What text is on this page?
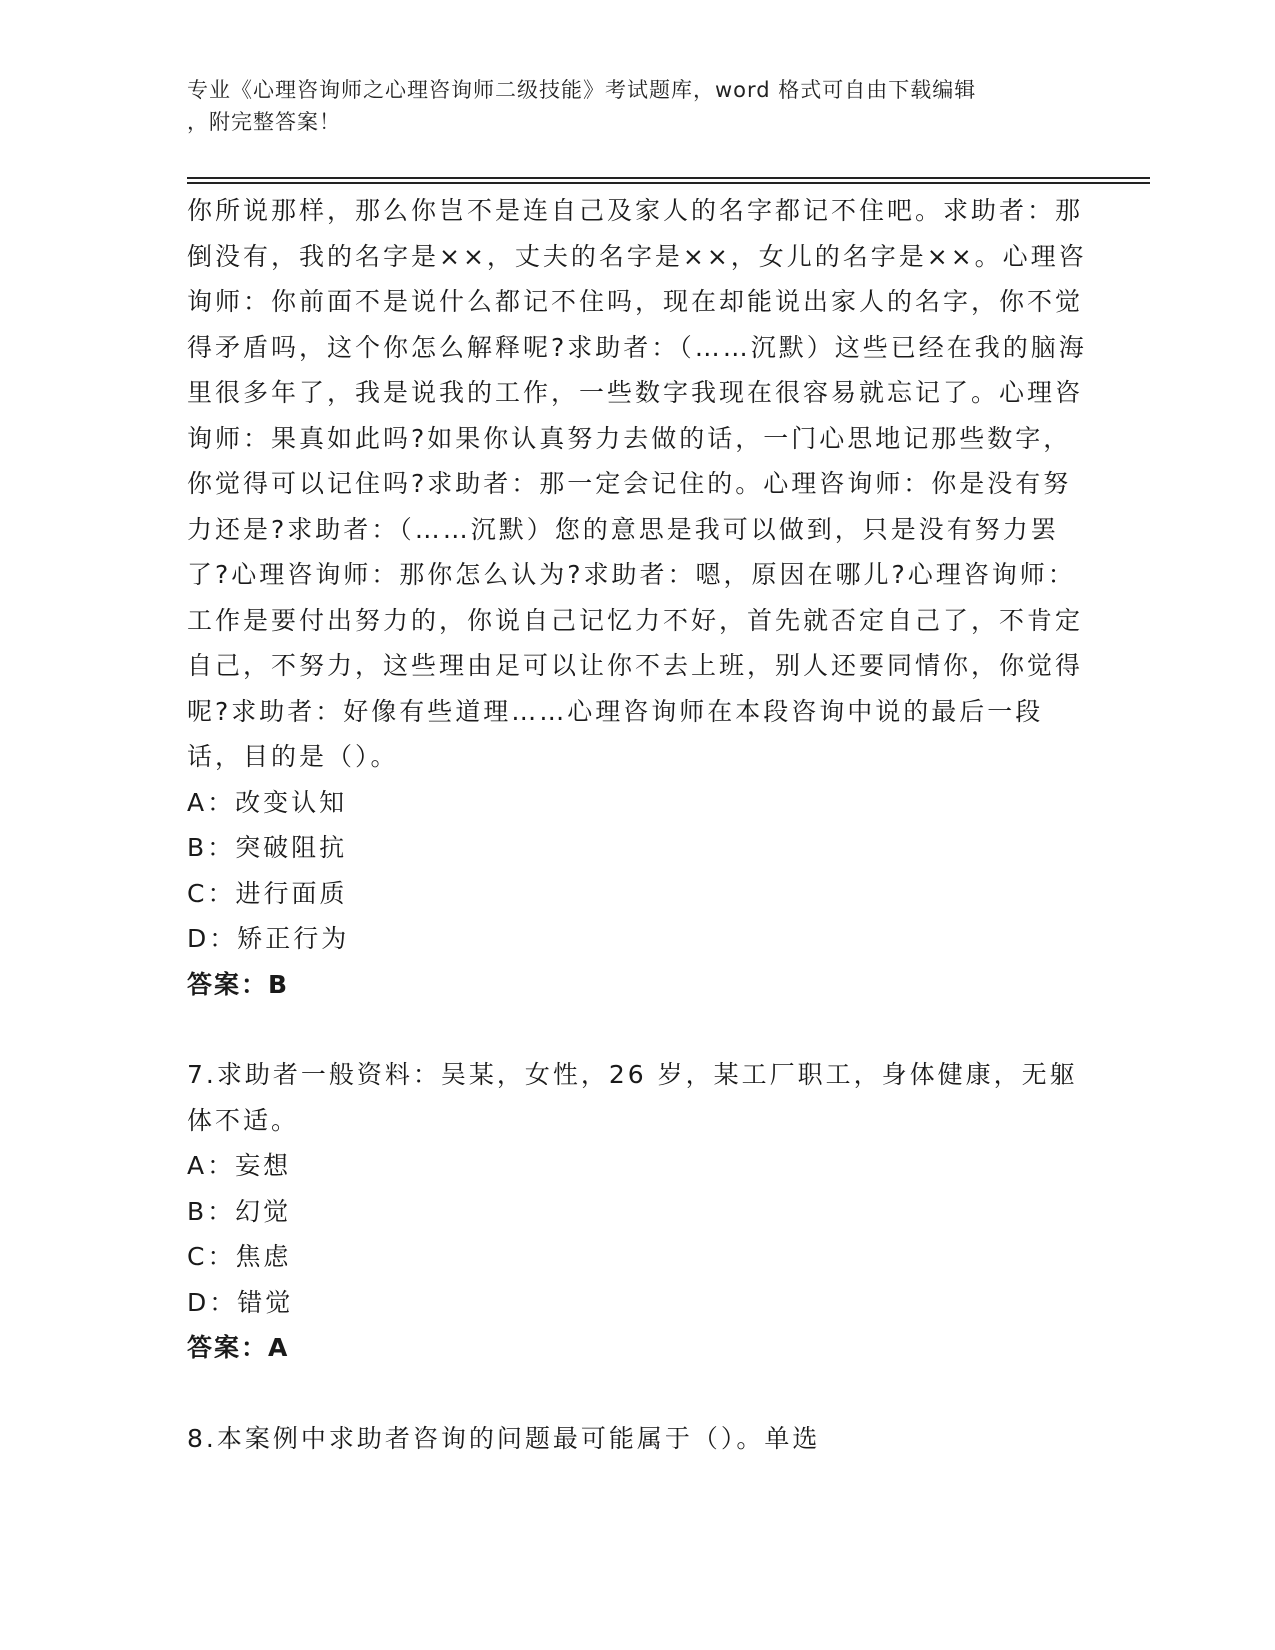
专业《心理咨询师之心理咨询师二级技能》考试题库，word 格式可自由下载编辑
，附完整答案！

你所说那样，那么你岂不是连自己及家人的名字都记不住吧。求助者：那倒没有，我的名字是××，丈夫的名字是××，女儿的名字是××。心理咨询师：你前面不是说什么都记不住吗，现在却能说出家人的名字，你不觉得矛盾吗，这个你怎么解释呢?求助者：（……沉默）这些已经在我的脑海里很多年了，我是说我的工作，一些数字我现在很容易就忘记了。心理咨询师：果真如此吗?如果你认真努力去做的话，一门心思地记那些数字，你觉得可以记住吗?求助者：那一定会记住的。心理咨询师：你是没有努力还是?求助者：（……沉默）您的意思是我可以做到，只是没有努力罢了?心理咨询师：那你怎么认为?求助者：嗯，原因在哪儿?心理咨询师：工作是要付出努力的，你说自己记忆力不好，首先就否定自己了，不肯定自己，不努力，这些理由足可以让你不去上班，别人还要同情你，你觉得呢?求助者：好像有些道理……心理咨询师在本段咨询中说的最后一段话，目的是（）。

A：改变认知

B：突破阻抗

C：进行面质

D：矫正行为

答案：B

7.求助者一般资料：吴某，女性，26 岁，某工厂职工，身体健康，无躯体不适。

A：妄想

B：幻觉

C：焦虑

D：错觉

答案：A

8.本案例中求助者咨询的问题最可能属于（）。单选
